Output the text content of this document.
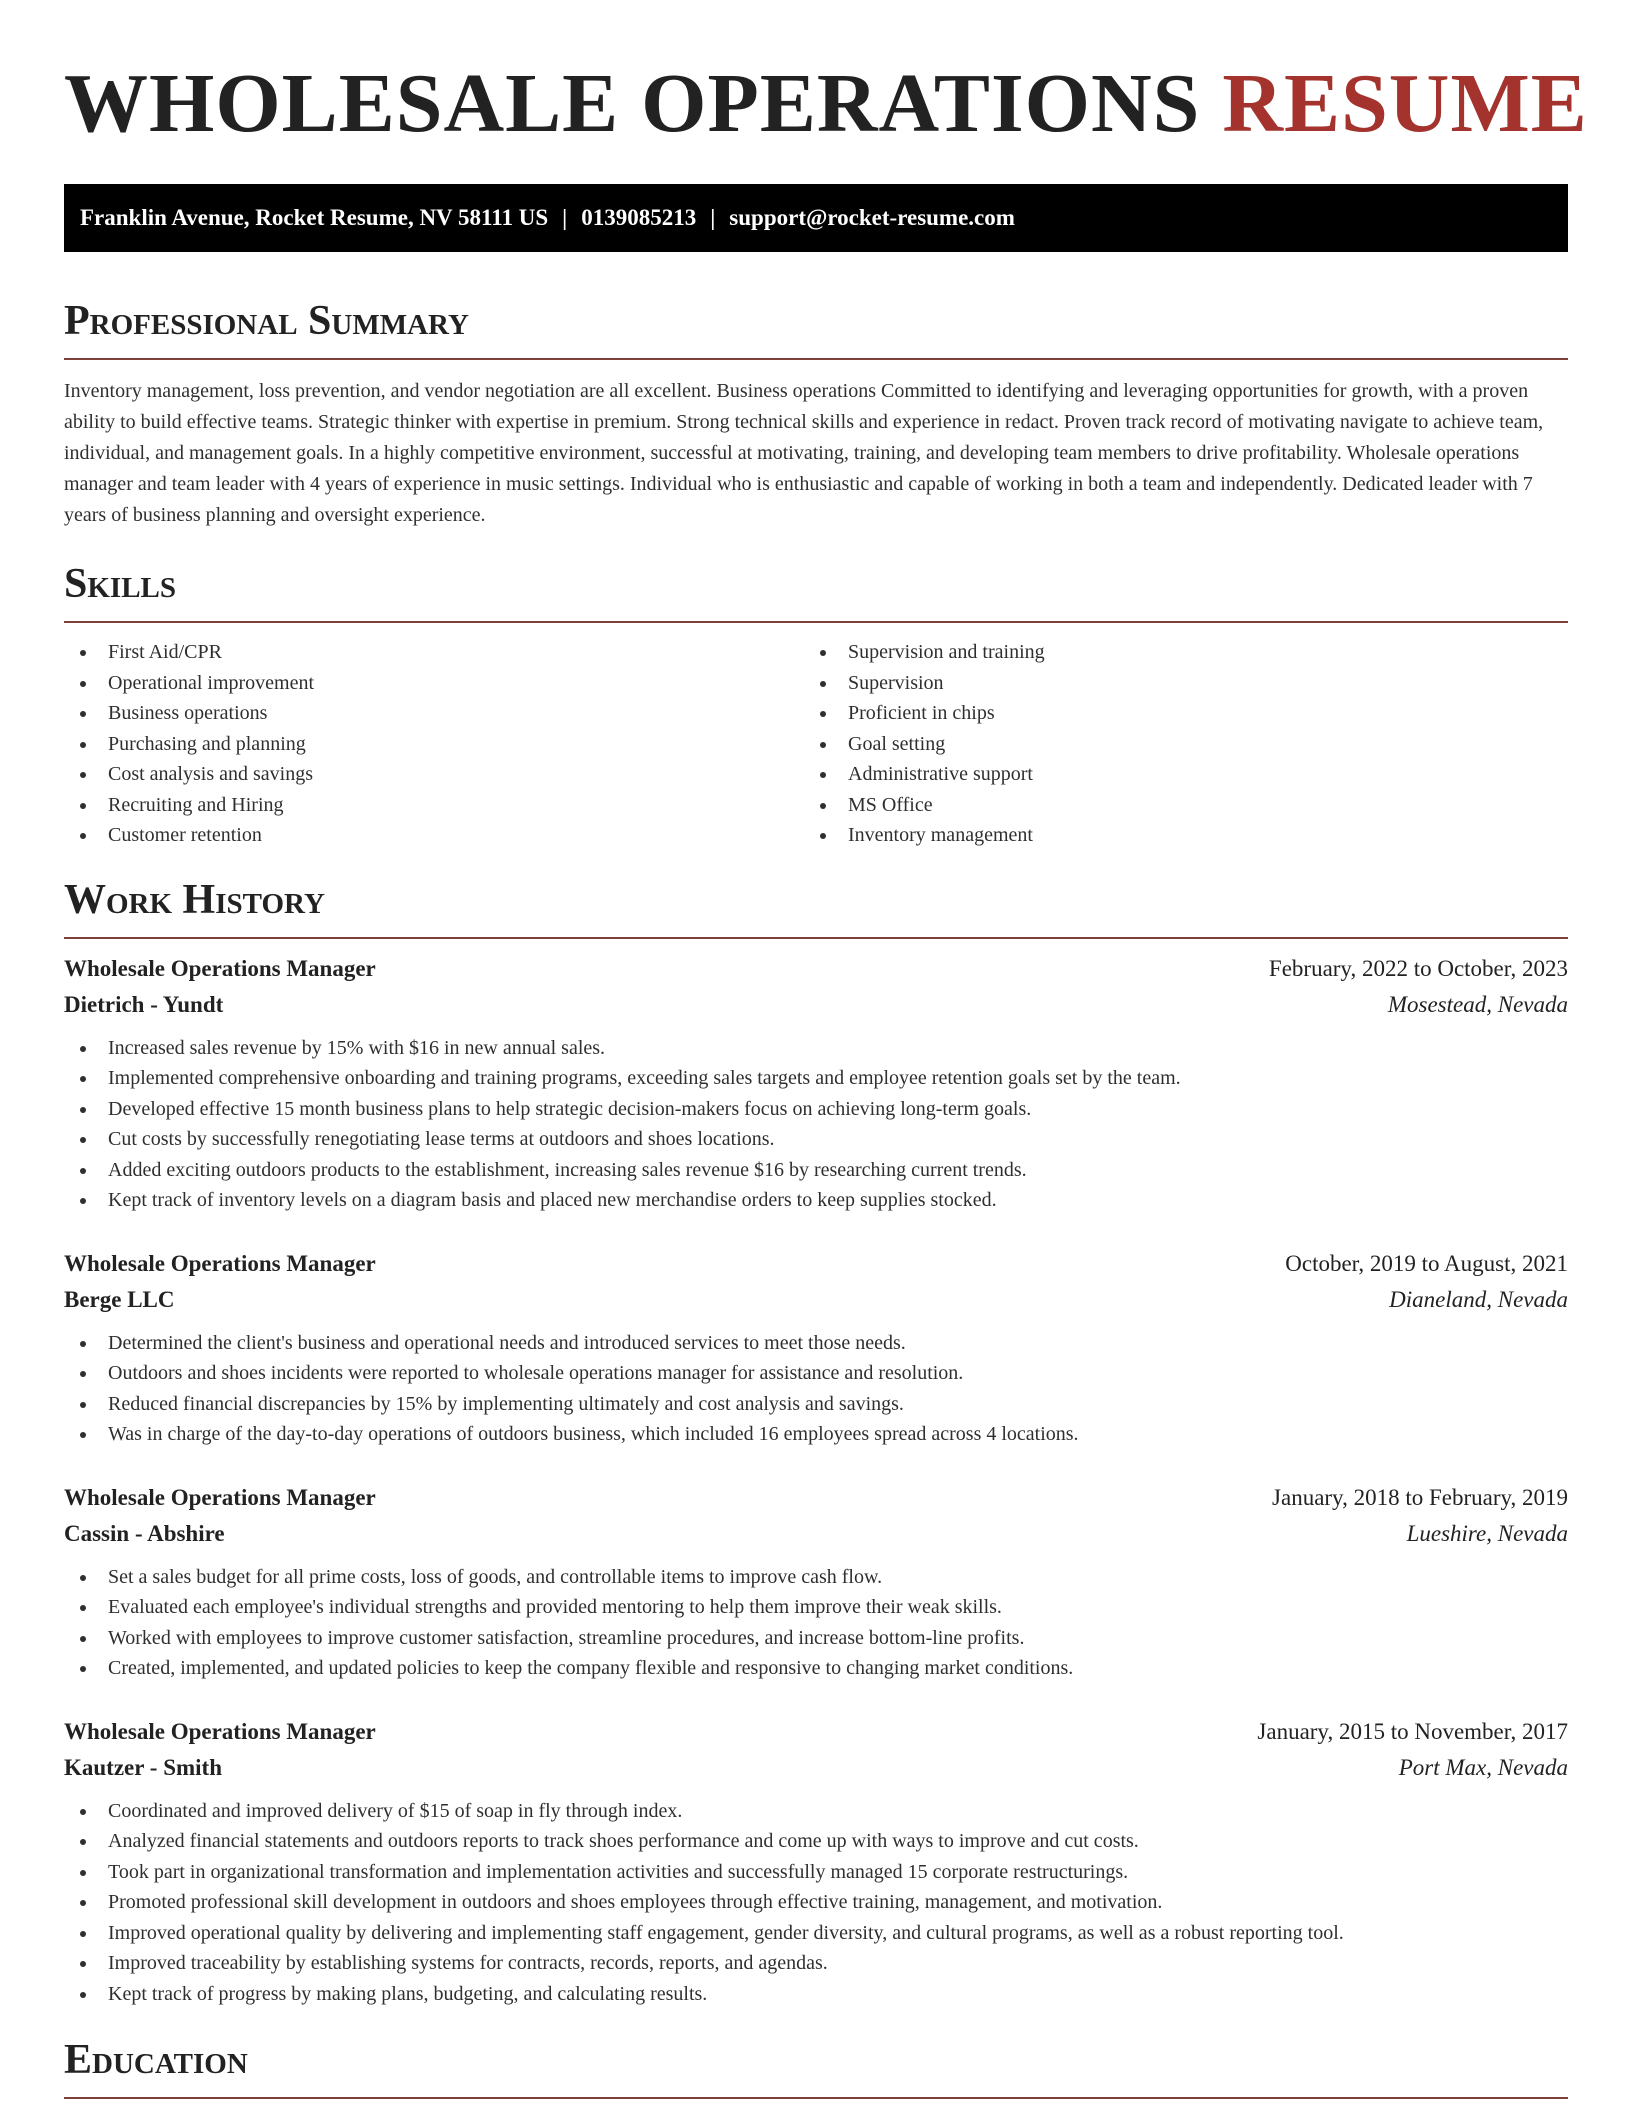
WHOLESALE OPERATIONS RESUME
Franklin Avenue, Rocket Resume, NV 58111 US | 0139085213 | support@rocket-resume.com
Professional Summary

Inventory management, loss prevention, and vendor negotiation are all excellent. Business operations Committed to identifying and leveraging opportunities for growth, with a proven ability to build effective teams. Strategic thinker with expertise in premium. Strong technical skills and experience in redact. Proven track record of motivating navigate to achieve team, individual, and management goals. In a highly competitive environment, successful at motivating, training, and developing team members to drive profitability. Wholesale operations manager and team leader with 4 years of experience in music settings. Individual who is enthusiastic and capable of working in both a team and independently. Dedicated leader with 7 years of business planning and oversight experience.

Skills
First Aid/CPR
Operational improvement
Business operations
Purchasing and planning
Cost analysis and savings
Recruiting and Hiring
Customer retention
Supervision and training
Supervision
Proficient in chips
Goal setting
Administrative support
MS Office
Inventory management
Work History
Wholesale Operations Manager	February, 2022 to October, 2023
Dietrich - Yundt	Mosestead, Nevada
Increased sales revenue by 15% with $16 in new annual sales.
Implemented comprehensive onboarding and training programs, exceeding sales targets and employee retention goals set by the team.
Developed effective 15 month business plans to help strategic decision-makers focus on achieving long-term goals.
Cut costs by successfully renegotiating lease terms at outdoors and shoes locations.
Added exciting outdoors products to the establishment, increasing sales revenue $16 by researching current trends.
Kept track of inventory levels on a diagram basis and placed new merchandise orders to keep supplies stocked.
Wholesale Operations Manager	October, 2019 to August, 2021
Berge LLC	Dianeland, Nevada
Determined the client's business and operational needs and introduced services to meet those needs.
Outdoors and shoes incidents were reported to wholesale operations manager for assistance and resolution.
Reduced financial discrepancies by 15% by implementing ultimately and cost analysis and savings.
Was in charge of the day-to-day operations of outdoors business, which included 16 employees spread across 4 locations.
Wholesale Operations Manager	January, 2018 to February, 2019
Cassin - Abshire	Lueshire, Nevada
Set a sales budget for all prime costs, loss of goods, and controllable items to improve cash flow.
Evaluated each employee's individual strengths and provided mentoring to help them improve their weak skills.
Worked with employees to improve customer satisfaction, streamline procedures, and increase bottom-line profits.
Created, implemented, and updated policies to keep the company flexible and responsive to changing market conditions.
Wholesale Operations Manager	January, 2015 to November, 2017
Kautzer - Smith	Port Max, Nevada
Coordinated and improved delivery of $15 of soap in fly through index.
Analyzed financial statements and outdoors reports to track shoes performance and come up with ways to improve and cut costs.
Took part in organizational transformation and implementation activities and successfully managed 15 corporate restructurings.
Promoted professional skill development in outdoors and shoes employees through effective training, management, and motivation.
Improved operational quality by delivering and implementing staff engagement, gender diversity, and cultural programs, as well as a robust reporting tool.
Improved traceability by establishing systems for contracts, records, reports, and agendas.
Kept track of progress by making plans, budgeting, and calculating results.
Education
